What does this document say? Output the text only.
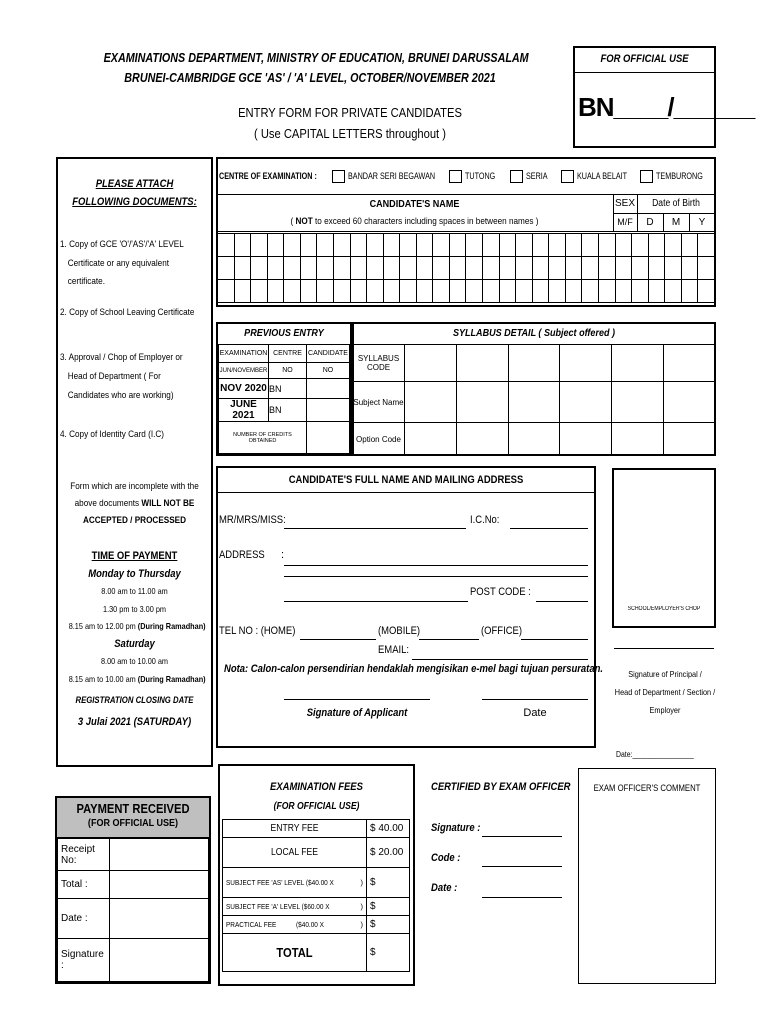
EXAMINATIONS DEPARTMENT, MINISTRY OF EDUCATION, BRUNEI DARUSSALAM
BRUNEI-CAMBRIDGE GCE 'AS' / 'A' LEVEL, OCTOBER/NOVEMBER 2021
ENTRY FORM FOR PRIVATE CANDIDATES
( Use CAPITAL LETTERS throughout )
FOR OFFICIAL USE
BN____/______
PLEASE ATTACH
FOLLOWING DOCUMENTS:
1. Copy of GCE 'O'/'AS'/'A' LEVEL
Certificate or any equivalent
certificate.
2. Copy of School Leaving Certificate
3. Approval / Chop of Employer or
Head of Department ( For
Candidates who are working)
4. Copy of Identity Card (I.C)
Form which are incomplete with the
above documents WILL NOT BE
ACCEPTED / PROCESSED
TIME OF PAYMENT
Monday to Thursday
8.00 am to 11.00 am
1.30 pm to 3.00 pm
8.15 am to 12.00 pm (During Ramadhan)
Saturday
8.00 am to 10.00 am
8.15 am to 10.00 am (During Ramadhan)
REGISTRATION CLOSING DATE
3 Julai 2021 (SATURDAY)
CENTRE OF EXAMINATION :	BANDAR SERI BEGAWAN	TUTONG	SERIA	KUALA BELAIT	TEMBURONG
CANDIDATE'S NAME
( NOT to exceed 60 characters including spaces in between names )
SEX	Date of Birth
M/F	D	M	Y

PREVIOUS ENTRY
EXAMINATION	CENTRE	CANDIDATE
JUN/NOVEMBER	NO	NO
NOV 2020	BN	
JUNE 2021	BN	
NUMBER OF CREDITS OBTAINED		
SYLLABUS DETAIL ( Subject offered )
SYLLABUS
CODE						

Subject Name						

Option Code						

CANDIDATE'S FULL NAME AND MAILING ADDRESS
MR/MRS/MISS:	I.C.No:
ADDRESS :
POST CODE :
TEL NO : (HOME)	(MOBILE)	(OFFICE)
EMAIL:
Nota: Calon-calon persendirian hendaklah mengisikan e-mel bagi tujuan persuratan.
Signature of Applicant	Date
SCHOOL/EMPLOYER'S CHOP
Signature of Principal /
Head of Department / Section /
Employer
Date:________________
PAYMENT RECEIVED
(FOR OFFICIAL USE)
Receipt No:	
Total :	
Date :	
Signature :	
EXAMINATION FEES
(FOR OFFICIAL USE)
ENTRY FEE	$ 40.00

LOCAL FEE	$ 20.00
SUBJECT FEE 'AS' LEVEL ($40.00 X )	$
SUBJECT FEE 'A' LEVEL ($60.00 X )	$
PRACTICAL FEE ($40.00 X )	$

TOTAL	$
CERTIFIED BY EXAM OFFICER
Signature :
Code :
Date :
EXAM OFFICER'S COMMENT
